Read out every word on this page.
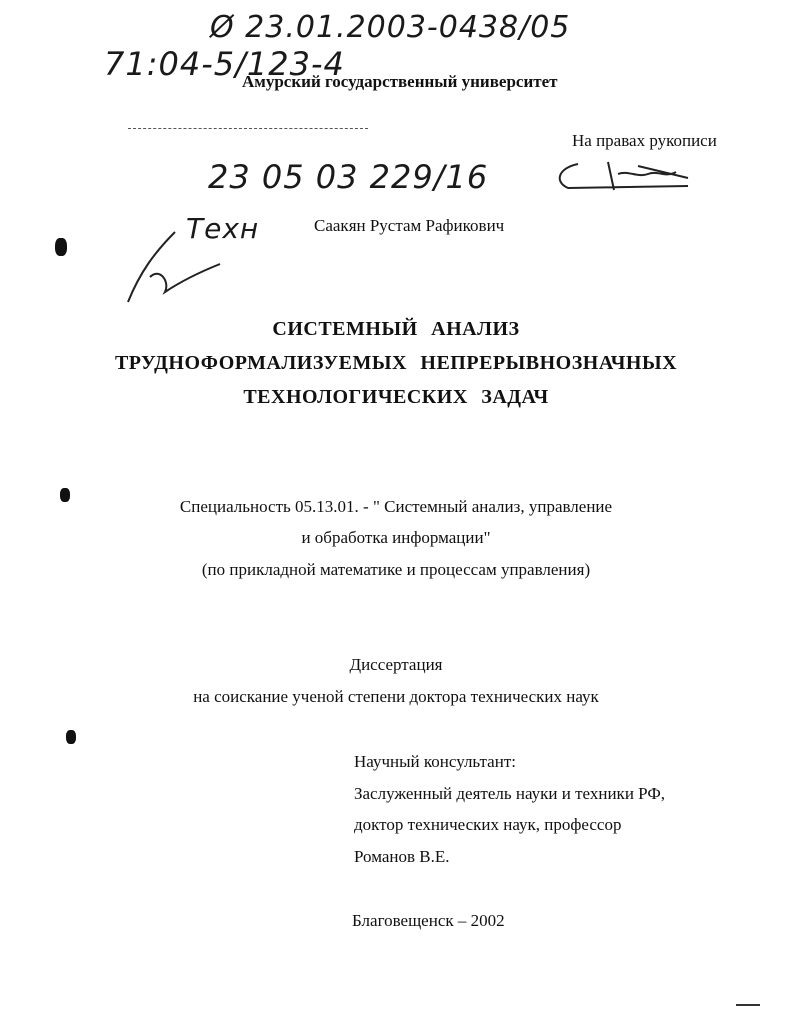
Ø 23.01.2003-0438/05
71:04-5/123-4
23 05 03 229/16
Техн
Амурский государственный университет
На правах рукописи
Саакян Рустам Рафикович
СИСТЕМНЫЙ АНАЛИЗ
ТРУДНОФОРМАЛИЗУЕМЫХ НЕПРЕРЫВНОЗНАЧНЫХ
ТЕХНОЛОГИЧЕСКИХ ЗАДАЧ
Специальность 05.13.01. - " Системный анализ, управление
и обработка информации"
(по прикладной математике и процессам управления)
Диссертация
на соискание ученой степени доктора технических наук
Научный консультант:
Заслуженный деятель науки и техники РФ,
доктор технических наук, профессор
Романов В.Е.
Благовещенск – 2002
